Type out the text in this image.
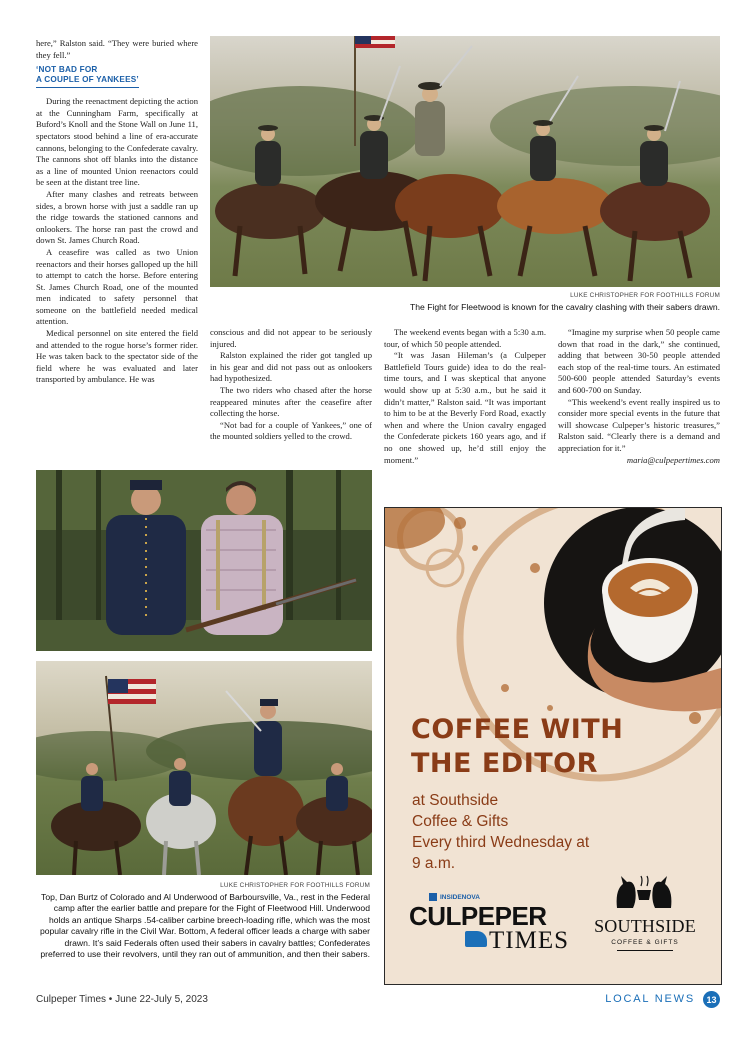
here,” Ralston said. “They were buried where they fell.”

‘NOT BAD FOR
A COUPLE OF YANKEES’

During the reenactment depicting the action at the Cunningham Farm, specifically at Buford’s Knoll and the Stone Wall on June 11, spectators stood behind a line of era-accurate cannons, belonging to the Confederate cavalry. The cannons shot off blanks into the distance as a line of mounted Union reenactors could be seen at the distant tree line.

After many clashes and retreats between sides, a brown horse with just a saddle ran up the ridge towards the stationed cannons and onlookers. The horse ran past the crowd and down St. James Church Road.

A ceasefire was called as two Union reenactors and their horses galloped up the hill to attempt to catch the horse. Before entering St. James Church Road, one of the mounted men indicated to safety personnel that someone on the battlefield needed medical attention.

Medical personnel on site entered the field and attended to the rogue horse’s former rider. He was taken back to the spectator side of the field where he was evaluated and later transported by ambulance. He was

LUKE CHRISTOPHER FOR FOOTHILLS FORUM
The Fight for Fleetwood is known for the cavalry clashing with their sabers drawn.

conscious and did not appear to be seriously injured.

Ralston explained the rider got tangled up in his gear and did not pass out as onlookers had hypothesized.

The two riders who chased after the horse reappeared minutes after the ceasefire after collecting the horse.

“Not bad for a couple of Yankees,” one of the mounted soldiers yelled to the crowd.

The weekend events began with a 5:30 a.m. tour, of which 50 people attended.

“It was Jasan Hileman’s (a Culpeper Battlefield Tours guide) idea to do the real-time tours, and I was skeptical that anyone would show up at 5:30 a.m., but he said it didn’t matter,” Ralston said. “It was important to him to be at the Beverly Ford Road, exactly when and where the Union cavalry engaged the Confederate pickets 160 years ago, and if no one showed up, he’d still enjoy the moment.”

“Imagine my surprise when 50 people came down that road in the dark,” she continued, adding that between 30-50 people attended each stop of the real-time tours. An estimated 500-600 people attended Saturday’s events and 600-700 on Sunday.

“This weekend’s event really inspired us to consider more special events in the future that will showcase Culpeper’s historic treasures,” Ralston said. “Clearly there is a demand and appreciation for it.”

maria@culpepertimes.com
LUKE CHRISTOPHER FOR FOOTHILLS FORUM
Top, Dan Burtz of Colorado and Al Underwood of Barboursville, Va., rest in the Federal camp after the earlier battle and prepare for the Fight of Fleetwood Hill. Underwood holds an antique Sharps .54-caliber carbine breech-loading rifle, which was the most popular cavalry rifle in the Civil War. Bottom, A federal officer leads a charge with saber drawn. It’s said Federals often used their sabers in cavalry battles; Confederates preferred to use their revolvers, until they ran out of ammunition, and then their sabers.
COFFEE WITH
THE EDITOR
at Southside
Coffee & Gifts
Every third Wednesday at
9 a.m.
INSIDENOVA
CULPEPER
TIMES
SOUTHSIDE
COFFEE & GIFTS
Culpeper Times • June 22-July 5, 2023	LOCAL NEWS	13
